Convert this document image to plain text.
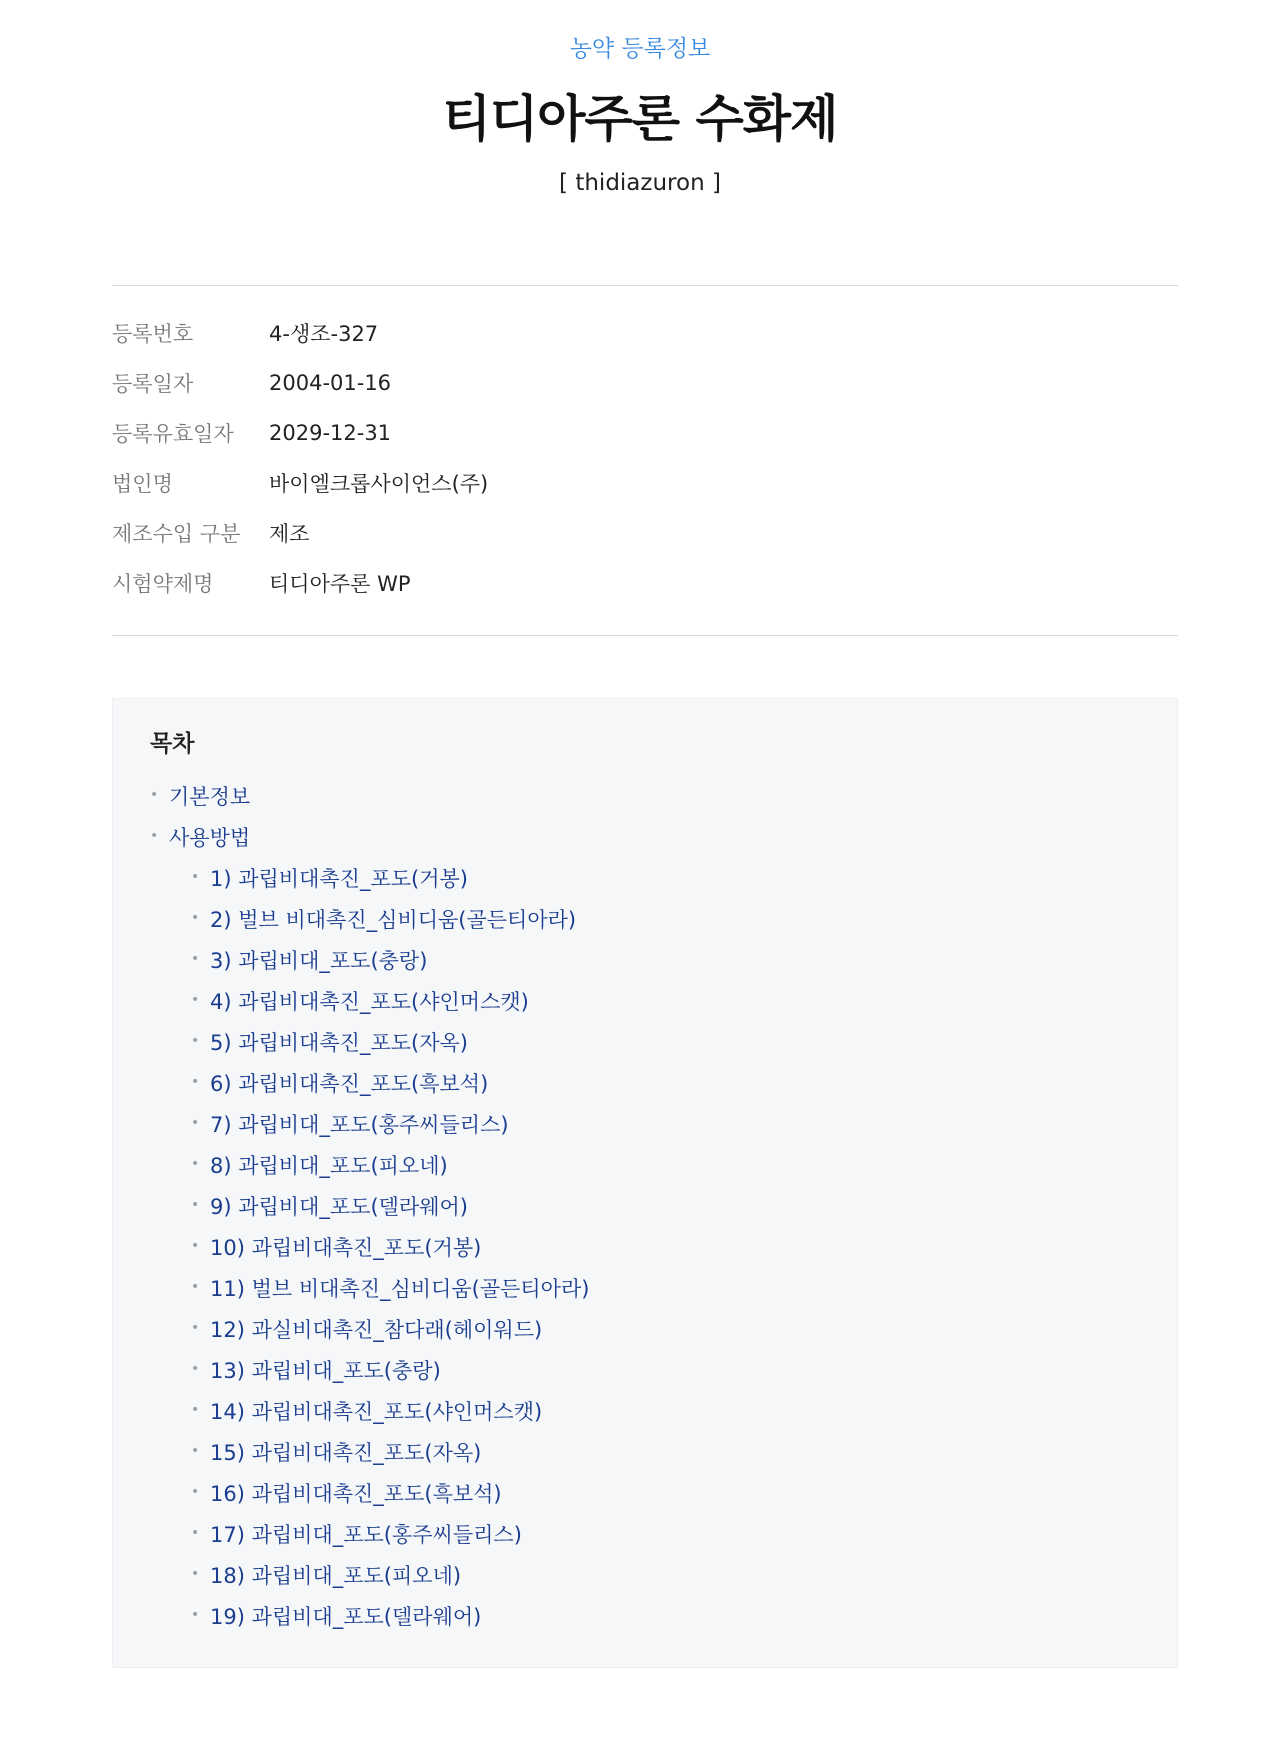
농약 등록정보
티디아주론 수화제
[ thidiazuron ]
등록번호	4-생조-327
등록일자	2004-01-16
등록유효일자	2029-12-31
법인명	바이엘크롭사이언스(주)
제조수입 구분	제조
시험약제명	티디아주론 WP
목차
• 기본정보
• 사용방법
• 1) 과립비대촉진_포도(거봉)
• 2) 벌브 비대촉진_심비디움(골든티아라)
• 3) 과립비대_포도(충랑)
• 4) 과립비대촉진_포도(샤인머스캣)
• 5) 과립비대촉진_포도(자옥)
• 6) 과립비대촉진_포도(흑보석)
• 7) 과립비대_포도(홍주씨들리스)
• 8) 과립비대_포도(피오네)
• 9) 과립비대_포도(델라웨어)
• 10) 과립비대촉진_포도(거봉)
• 11) 벌브 비대촉진_심비디움(골든티아라)
• 12) 과실비대촉진_참다래(헤이워드)
• 13) 과립비대_포도(충랑)
• 14) 과립비대촉진_포도(샤인머스캣)
• 15) 과립비대촉진_포도(자옥)
• 16) 과립비대촉진_포도(흑보석)
• 17) 과립비대_포도(홍주씨들리스)
• 18) 과립비대_포도(피오네)
• 19) 과립비대_포도(델라웨어)
